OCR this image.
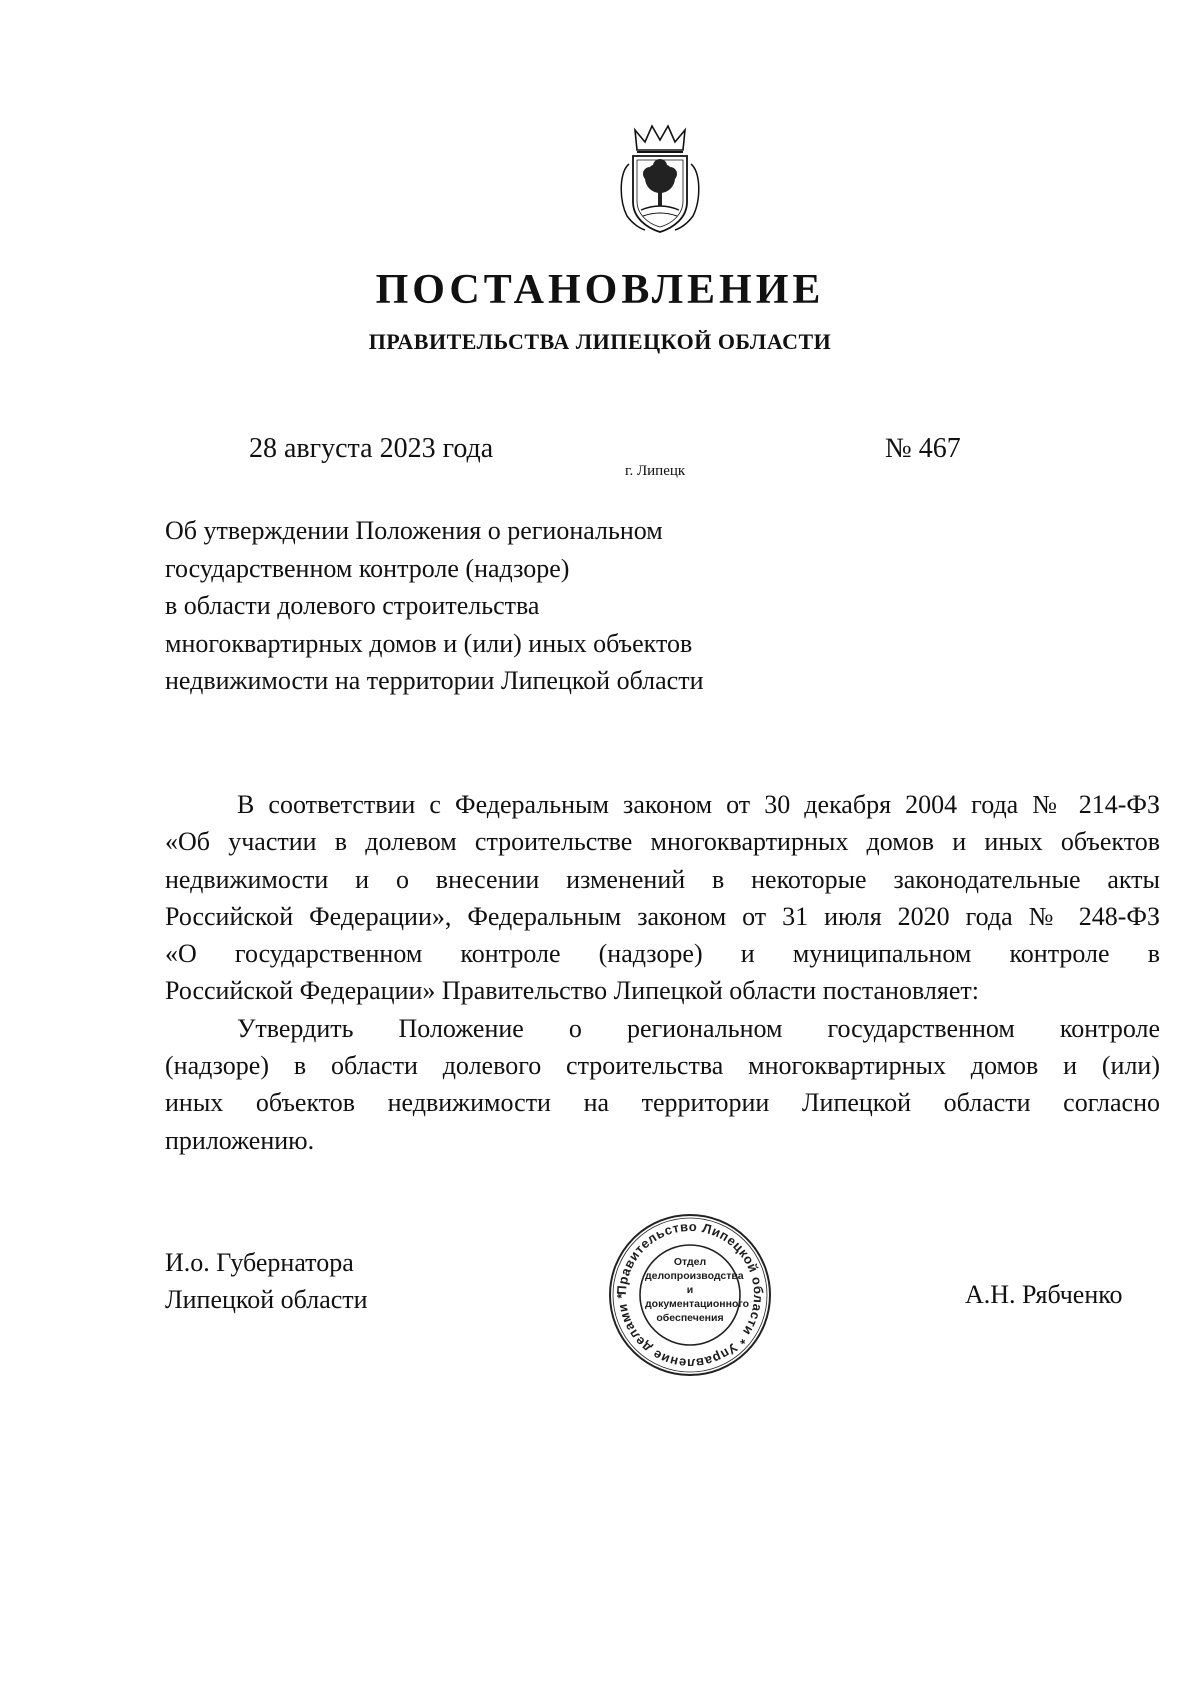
ПОСТАНОВЛЕНИЕ
ПРАВИТЕЛЬСТВА ЛИПЕЦКОЙ ОБЛАСТИ
28 августа 2023 года
г. Липецк
№ 467
Об утверждении Положения о региональном
государственном контроле (надзоре)
в области долевого строительства
многоквартирных домов и (или) иных объектов
недвижимости на территории Липецкой области
В соответствии с Федеральным законом от 30 декабря 2004 года № 214-ФЗ
«Об участии в долевом строительстве многоквартирных домов и иных объектов
недвижимости и о внесении изменений в некоторые законодательные акты
Российской Федерации», Федеральным законом от 31 июля 2020 года № 248-ФЗ
«О государственном контроле (надзоре) и муниципальном контроле в
Российской Федерации» Правительство Липецкой области постановляет:
Утвердить Положение о региональном государственном контроле
(надзоре) в области долевого строительства многоквартирных домов и (или)
иных объектов недвижимости на территории Липецкой области согласно
приложению.
И.о. Губернатора
Липецкой области	А.Н. Рябченко
Правительство Липецкой области * Управление делами *
Отдел
делопроизводства и
документационного
обеспечения
